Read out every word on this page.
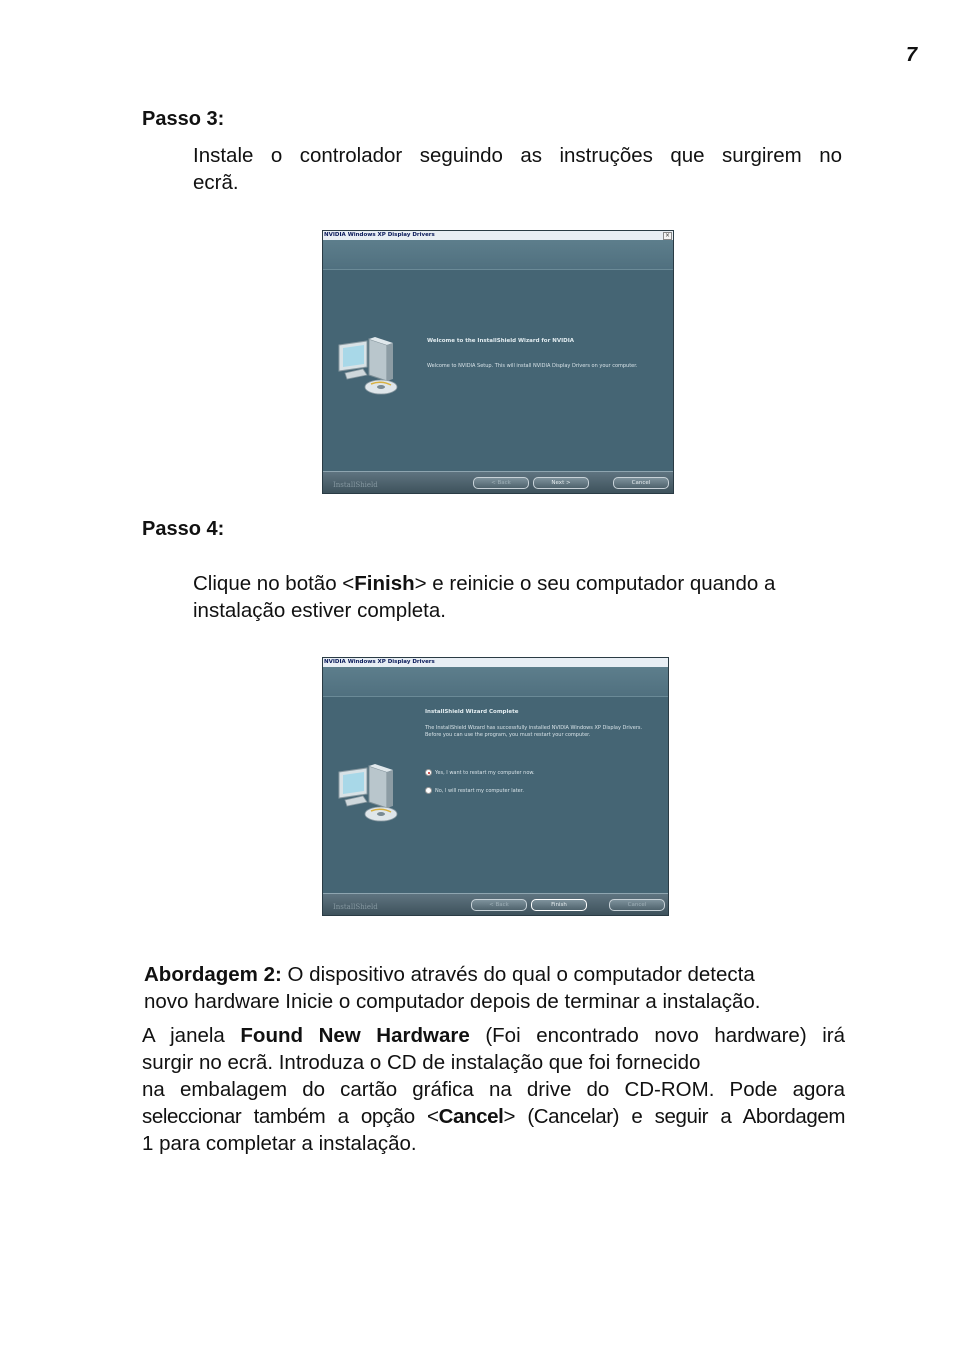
7
Passo 3:
Instale o controlador seguindo as instruções que surgirem no
ecrã.
NVIDIA Windows XP Display Drivers	×
Welcome to the InstallShield Wizard for NVIDIA
Welcome to NVIDIA Setup. This will install NVIDIA Display Drivers on your computer.
InstallShield	< Back	Next >	Cancel
Passo 4:
Clique no botão <Finish> e reinicie o seu computador quando a
instalação estiver completa.
NVIDIA Windows XP Display Drivers
InstallShield Wizard Complete
The InstallShield Wizard has successfully installed NVIDIA Windows XP Display Drivers. Before you can use the program, you must restart your computer.
Yes, I want to restart my computer now.
No, I will restart my computer later.
InstallShield	< Back	Finish	Cancel
Abordagem 2: O dispositivo através do qual o computador detecta
novo hardware Inicie o computador depois de terminar a instalação.
A janela Found New Hardware (Foi encontrado novo hardware) irá
surgir no ecrã. Introduza o CD de instalação que foi fornecido
na embalagem do cartão gráfica na drive do CD-ROM. Pode agora
seleccionar também a opção <Cancel> (Cancelar) e seguir a Abordagem
1 para completar a instalação.
